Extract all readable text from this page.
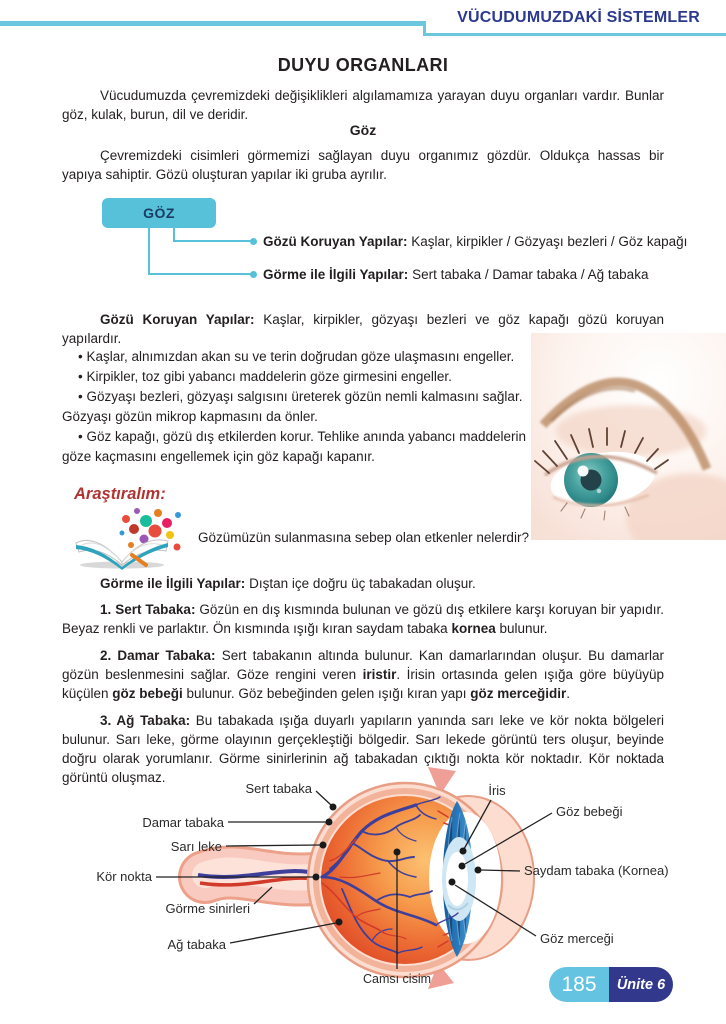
VÜCUDUMUZDAKİ SİSTEMLER
DUYU ORGANLARI

Vücudumuzda çevremizdeki değişiklikleri algılamamıza yarayan duyu organları vardır. Bunlar göz, kulak, burun, dil ve deridir.

Göz

Çevremizdeki cisimleri görmemizi sağlayan duyu organımız gözdür. Oldukça hassas bir yapıya sahiptir. Gözü oluşturan yapılar iki gruba ayrılır.

GÖZ
Gözü Koruyan Yapılar: Kaşlar, kirpikler / Gözyaşı bezleri / Göz kapağı
Görme ile İlgili Yapılar: Sert tabaka / Damar tabaka / Ağ tabaka

Gözü Koruyan Yapılar: Kaşlar, kirpikler, gözyaşı bezleri ve göz kapağı gözü koruyan yapılardır.

• Kaşlar, alnımızdan akan su ve terin doğrudan göze ulaşmasını engeller.

• Kirpikler, toz gibi yabancı maddelerin göze girmesini engeller.

• Gözyaşı bezleri, gözyaşı salgısını üreterek gözün nemli kalmasını sağlar. Gözyaşı gözün mikrop kapmasını da önler.

• Göz kapağı, gözü dış etkilerden korur. Tehlike anında yabancı maddelerin göze kaçmasını engellemek için göz kapağı kapanır.

Araştıralım:
Gözümüzün sulanmasına sebep olan etkenler nelerdir?

Görme ile İlgili Yapılar: Dıştan içe doğru üç tabakadan oluşur.

1. Sert Tabaka: Gözün en dış kısmında bulunan ve gözü dış etkilere karşı koruyan bir yapıdır. Beyaz renkli ve parlaktır. Ön kısmında ışığı kıran saydam tabaka kornea bulunur.

2. Damar Tabaka: Sert tabakanın altında bulunur. Kan damarlarından oluşur. Bu damarlar gözün beslenmesini sağlar. Göze rengini veren iristir. İrisin ortasında gelen ışığa göre büyüyüp küçülen göz bebeği bulunur. Göz bebeğinden gelen ışığı kıran yapı göz merceğidir.

3. Ağ Tabaka: Bu tabakada ışığa duyarlı yapıların yanında sarı leke ve kör nokta bölgeleri bulunur. Sarı leke, görme olayının gerçekleştiği bölgedir. Sarı lekede görüntü ters oluşur, beyinde doğru olarak yorumlanır. Görme sinirlerinin ağ tabakadan çıktığı nokta kör noktadır. Kör noktada görüntü oluşmaz.

Sert tabaka
Damar tabaka
Sarı leke
Kör nokta
Görme sinirleri
Ağ tabaka
Camsı cisim
İris
Göz bebeği
Saydam tabaka (Kornea)
Göz merceği
185	Ünite 6
